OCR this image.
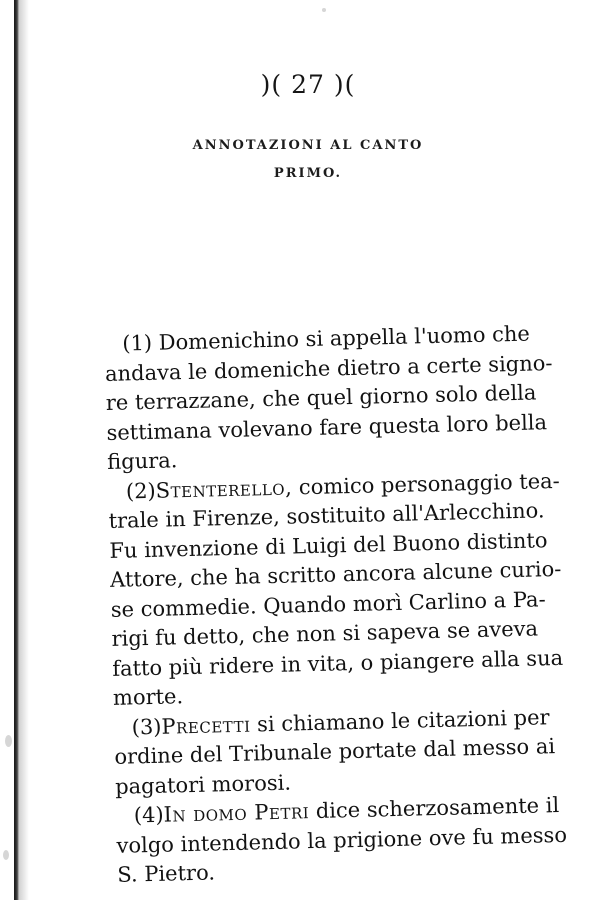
)( 27 )(
ANNOTAZIONI AL CANTO
PRIMO.
(1) Domenichino si appella l'uomo che
andava le domeniche dietro a certe signo-
re terrazzane, che quel giorno solo della
settimana volevano fare questa loro bella
figura.
(2)Stenterello, comico personaggio tea-
trale in Firenze, sostituito all'Arlecchino.
Fu invenzione di Luigi del Buono distinto
Attore, che ha scritto ancora alcune curio-
se commedie. Quando morì Carlino a Pa-
rigi fu detto, che non si sapeva se aveva
fatto più ridere in vita, o piangere alla sua
morte.
(3)Precetti si chiamano le citazioni per
ordine del Tribunale portate dal messo ai
pagatori morosi.
(4)In domo Petri dice scherzosamente il
volgo intendendo la prigione ove fu messo
S. Pietro.
